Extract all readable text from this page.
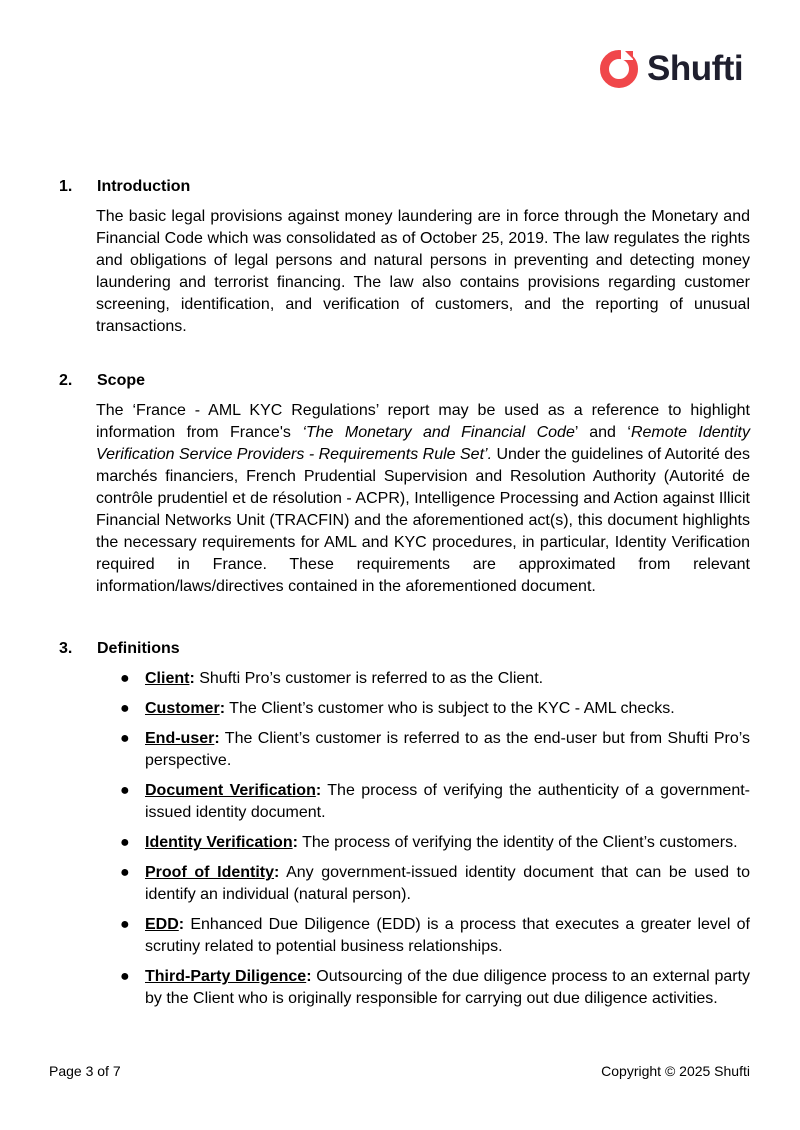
Shufti
1.	Introduction
The basic legal provisions against money laundering are in force through the Monetary and Financial Code which was consolidated as of October 25, 2019. The law regulates the rights and obligations of legal persons and natural persons in preventing and detecting money laundering and terrorist financing. The law also contains provisions regarding customer screening, identification, and verification of customers, and the reporting of unusual transactions.
2.	Scope
The ‘France - AML KYC Regulations’ report may be used as a reference to highlight information from France's ‘The Monetary and Financial Code’ and ‘Remote Identity Verification Service Providers - Requirements Rule Set’. Under the guidelines of Autorité des marchés financiers, French Prudential Supervision and Resolution Authority (Autorité de contrôle prudentiel et de résolution - ACPR), Intelligence Processing and Action against Illicit Financial Networks Unit (TRACFIN) and the aforementioned act(s), this document highlights the necessary requirements for AML and KYC procedures, in particular, Identity Verification required in France. These requirements are approximated from relevant information/laws/directives contained in the aforementioned document.
3.	Definitions
● Client: Shufti Pro’s customer is referred to as the Client.
● Customer: The Client’s customer who is subject to the KYC - AML checks.
● End-user: The Client’s customer is referred to as the end-user but from Shufti Pro’s perspective.
● Document Verification: The process of verifying the authenticity of a government-issued identity document.
● Identity Verification: The process of verifying the identity of the Client’s customers.
● Proof of Identity: Any government-issued identity document that can be used to identify an individual (natural person).
● EDD: Enhanced Due Diligence (EDD) is a process that executes a greater level of scrutiny related to potential business relationships.
● Third-Party Diligence: Outsourcing of the due diligence process to an external party by the Client who is originally responsible for carrying out due diligence activities.
Page 3 of 7	Copyright © 2025 Shufti
